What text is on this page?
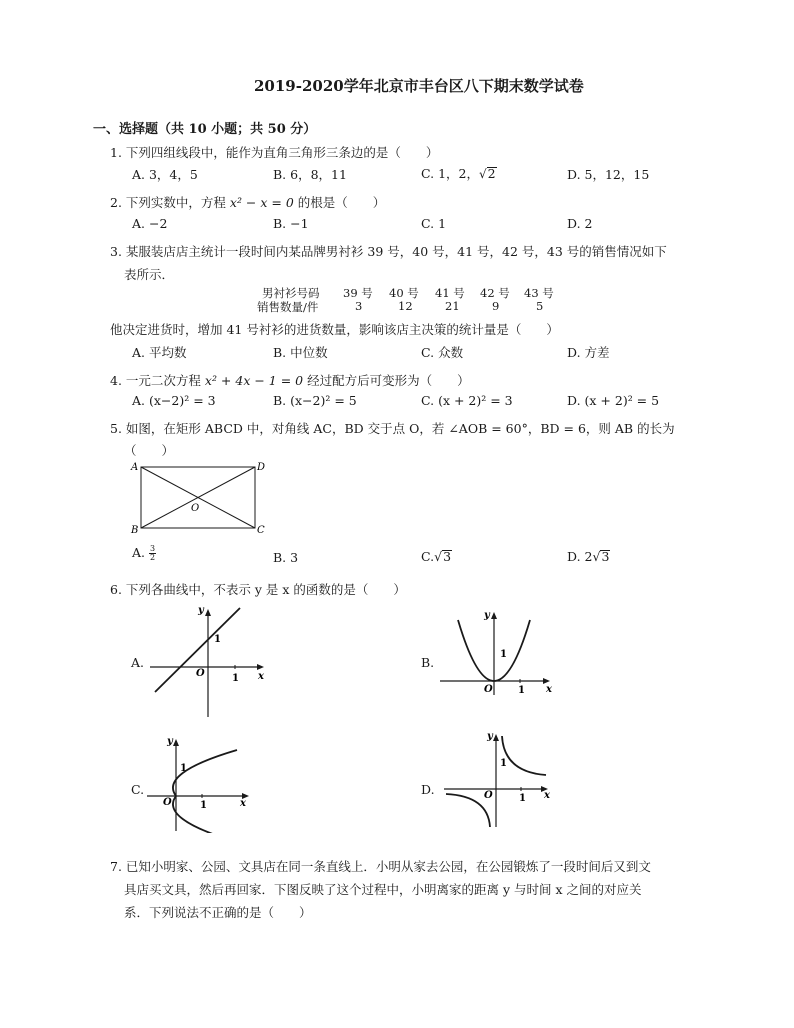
2019-2020学年北京市丰台区八下期末数学试卷
一、选择题（共 10 小题；共 50 分）
1. 下列四组线段中，能作为直角三角形三条边的是（　　）
A. 3，4，5	B. 6，8，11	C. 1，2，√2	D. 5，12，15
2. 下列实数中，方程 x² − x = 0 的根是（　　）
A. −2	B. −1	C. 1	D. 2
3. 某服装店店主统计一段时间内某品牌男衬衫 39 号，40 号，41 号，42 号，43 号的销售情况如下
表所示．
男衬衫号码 39 号 40 号 41 号 42 号 43 号
销售数量/件	3	12	21	9	5
他决定进货时，增加 41 号衬衫的进货数量，影响该店主决策的统计量是（　　）
A. 平均数	B. 中位数	C. 众数	D. 方差
4. 一元二次方程 x² + 4x − 1 = 0 经过配方后可变形为（　　）
A. (x−2)² = 3	B. (x−2)² = 5	C. (x + 2)² = 3	D. (x + 2)² = 5
5. 如图，在矩形 ABCD 中，对角线 AC，BD 交于点 O，若 ∠AOB = 60°，BD = 6，则 AB 的长为
（　　）
A	D
B	C
O
A. $\frac{3}{2}$	B. 3	C.√3	D. 2√3
6. 下列各曲线中，不表示 y 是 x 的函数的是（　　）
A.
1
1
O	x
y
B.
1
1
O	x
y
C.
1
1
O	x
y
D.
1
1
O	x
y
7. 已知小明家、公园、文具店在同一条直线上．小明从家去公园，在公园锻炼了一段时间后又到文
具店买文具，然后再回家．下图反映了这个过程中，小明离家的距离 y 与时间 x 之间的对应关
系．下列说法不正确的是（　　）
